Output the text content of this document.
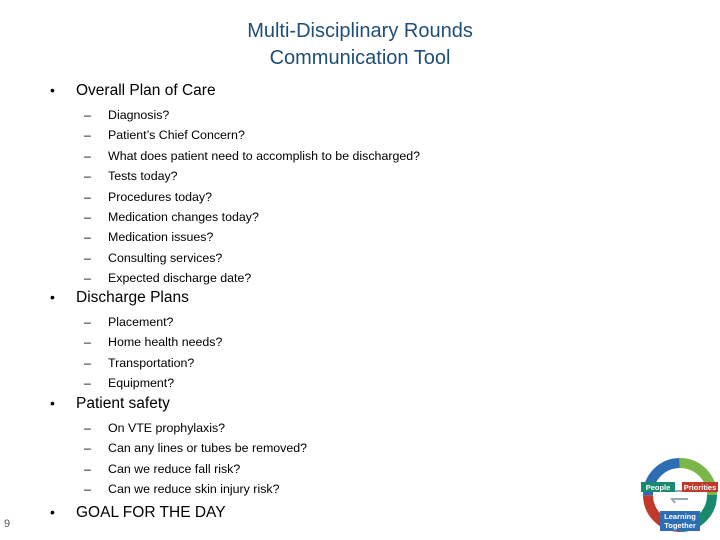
Multi-Disciplinary Rounds
Communication Tool
•	Overall Plan of Care
–	Diagnosis?
–	Patient’s Chief Concern?
–	What does patient need to accomplish to be discharged?
–	Tests today?
–	Procedures today?
–	Medication changes today?
–	Medication issues?
–	Consulting services?
–	Expected discharge date?
•	Discharge Plans
–	Placement?
–	Home health needs?
–	Transportation?
–	Equipment?
•	Patient safety
–	On VTE prophylaxis?
–	Can any lines or tubes be removed?
–	Can we reduce fall risk?
–	Can we reduce skin injury risk?
•	GOAL FOR THE DAY
9
People Priorities
Learning
Together
